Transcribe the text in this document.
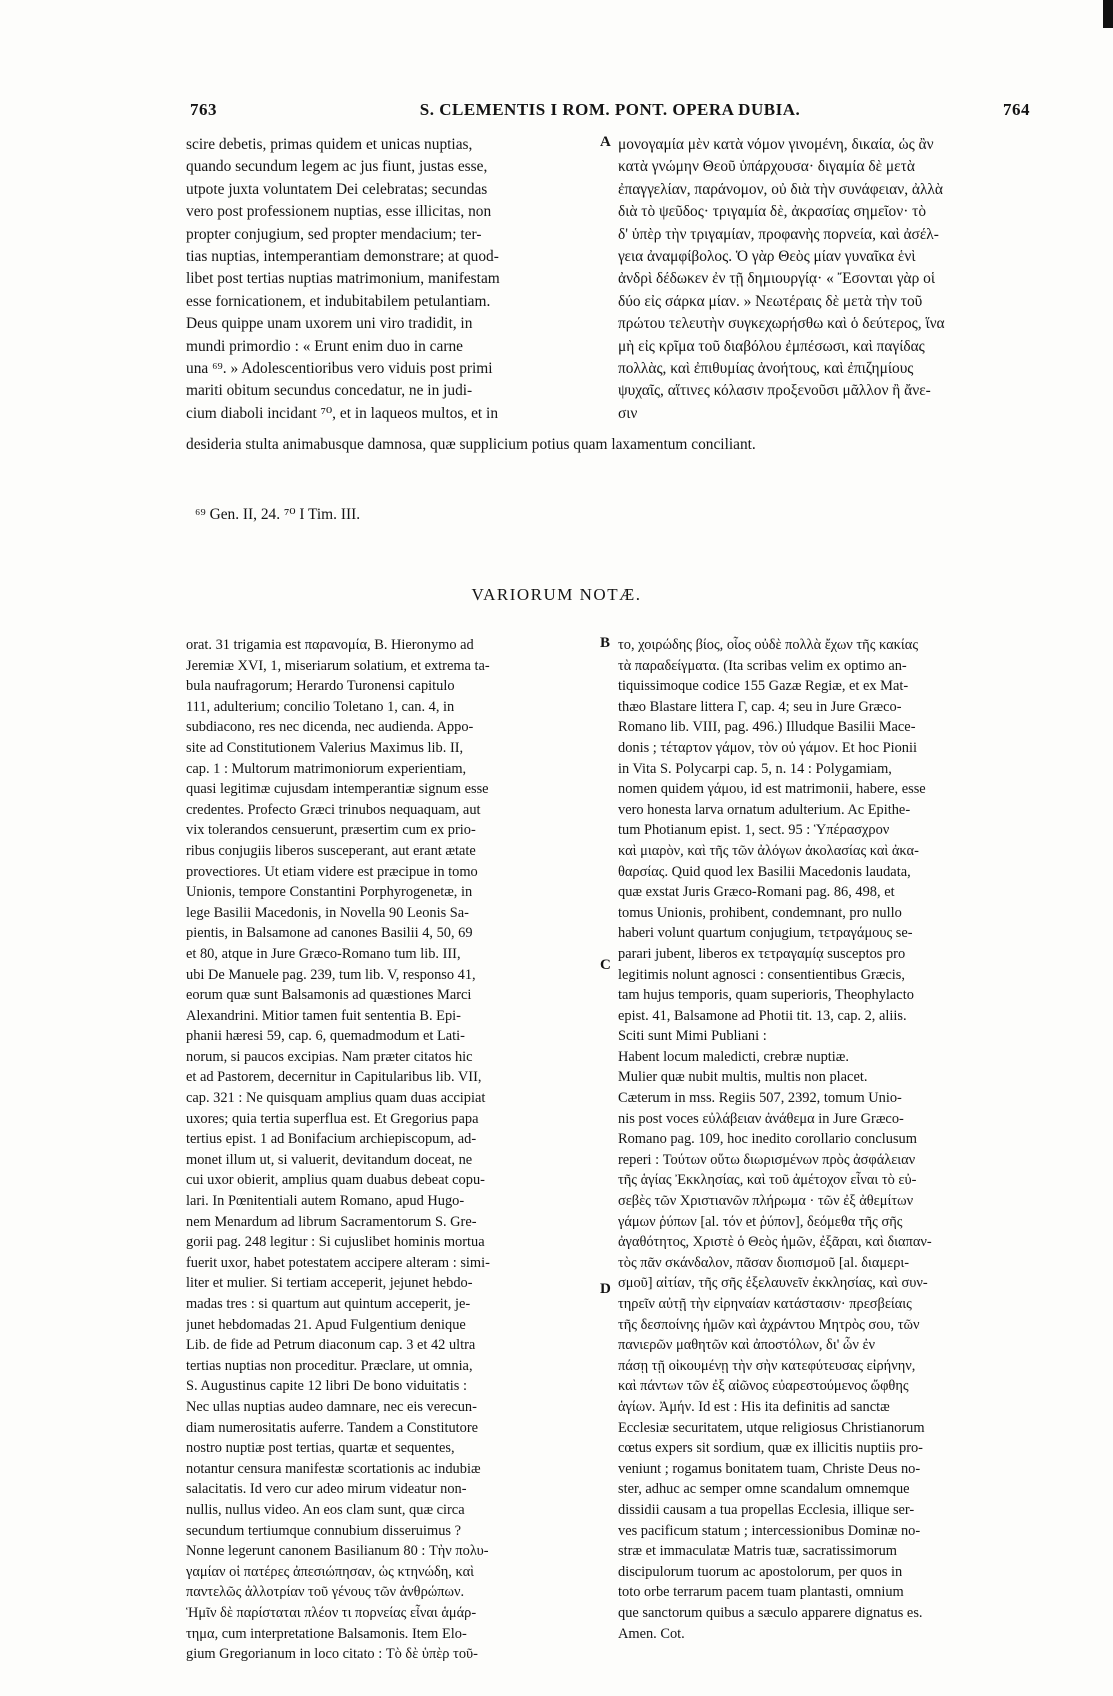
763	S. CLEMENTIS I ROM. PONT. OPERA DUBIA.	764
scire debetis, primas quidem et unicas nuptias,
quando secundum legem ac jus fiunt, justas esse,
utpote juxta voluntatem Dei celebratas; secundas
vero post professionem nuptias, esse illicitas, non
propter conjugium, sed propter mendacium; ter-
tias nuptias, intemperantiam demonstrare; at quod-
libet post tertias nuptias matrimonium, manifestam
esse fornicationem, et indubitabilem petulantiam.
Deus quippe unam uxorem uni viro tradidit, in
mundi primordio : « Erunt enim duo in carne
una ⁶⁹. » Adolescentioribus vero viduis post primi
mariti obitum secundus concedatur, ne in judi-
cium diaboli incidant ⁷⁰, et in laqueos multos, et in
A μονογαμία μὲν κατὰ νόμον γινομένη, δικαία, ὡς ἂν
κατὰ γνώμην Θεοῦ ὑπάρχουσα· διγαμία δὲ μετὰ
ἐπαγγελίαν, παράνομον, οὐ διὰ τὴν συνάφειαν, ἀλλὰ
διὰ τὸ ψεῦδος· τριγαμία δὲ, ἀκρασίας σημεῖον· τὸ
δ' ὑπὲρ τὴν τριγαμίαν, προφανὴς πορνεία, καὶ ἀσέλ-
γεια ἀναμφίβολος. Ὁ γὰρ Θεὸς μίαν γυναῖκα ἑνὶ
ἀνδρὶ δέδωκεν ἐν τῇ δημιουργίᾳ· « Ἔσονται γὰρ οἱ
δύο εἰς σάρκα μίαν. » Νεωτέραις δὲ μετὰ τὴν τοῦ
πρώτου τελευτὴν συγκεχωρήσθω καὶ ὁ δεύτερος, ἵνα
μὴ εἰς κρῖμα τοῦ διαβόλου ἐμπέσωσι, καὶ παγίδας
πολλὰς, καὶ ἐπιθυμίας ἀνοήτους, καὶ ἐπιζημίους
ψυχαῖς, αἵτινες κόλασιν προξενοῦσι μᾶλλον ἢ ἄνε-
σιν
desideria stulta animabusque damnosa, quæ supplicium potius quam laxamentum conciliant.
⁶⁹ Gen. II, 24. ⁷⁰ I Tim. III.
VARIORUM NOTÆ.
orat. 31 trigamia est παρανομία, B. Hieronymo ad
Jeremiæ XVI, 1, miseriarum solatium, et extrema ta-
bula naufragorum; Herardo Turonensi capitulo
111, adulterium; concilio Toletano 1, can. 4, in
subdiacono, res nec dicenda, nec audienda. Appo-
site ad Constitutionem Valerius Maximus lib. II,
cap. 1 : Multorum matrimoniorum experientiam,
quasi legitimæ cujusdam intemperantiæ signum esse
credentes. Profecto Græci trinubos nequaquam, aut
vix tolerandos censuerunt, præsertim cum ex prio-
ribus conjugiis liberos susceperant, aut erant ætate
provectiores. Ut etiam videre est præcipue in tomo
Unionis, tempore Constantini Porphyrogenetæ, in
lege Basilii Macedonis, in Novella 90 Leonis Sa-
pientis, in Balsamone ad canones Basilii 4, 50, 69
et 80, atque in Jure Græco-Romano tum lib. III,
ubi De Manuele pag. 239, tum lib. V, responso 41,
eorum quæ sunt Balsamonis ad quæstiones Marci
Alexandrini. Mitior tamen fuit sententia B. Epi-
phanii hæresi 59, cap. 6, quemadmodum et Lati-
norum, si paucos excipias. Nam præter citatos hic
et ad Pastorem, decernitur in Capitularibus lib. VII,
cap. 321 : Ne quisquam amplius quam duas accipiat
uxores; quia tertia superflua est. Et Gregorius papa
tertius epist. 1 ad Bonifacium archiepiscopum, ad-
monet illum ut, si valuerit, devitandum doceat, ne
cui uxor obierit, amplius quam duabus debeat copu-
lari. In Pœnitentiali autem Romano, apud Hugo-
nem Menardum ad librum Sacramentorum S. Gre-
gorii pag. 248 legitur : Si cujuslibet hominis mortua
fuerit uxor, habet potestatem accipere alteram : simi-
liter et mulier. Si tertiam acceperit, jejunet hebdo-
madas tres : si quartum aut quintum acceperit, je-
junet hebdomadas 21. Apud Fulgentium denique
Lib. de fide ad Petrum diaconum cap. 3 et 42 ultra
tertias nuptias non proceditur. Præclare, ut omnia,
S. Augustinus capite 12 libri De bono viduitatis :
Nec ullas nuptias audeo damnare, nec eis verecun-
diam numerositatis auferre. Tandem a Constitutore
nostro nuptiæ post tertias, quartæ et sequentes,
notantur censura manifestæ scortationis ac indubiæ
salacitatis. Id vero cur adeo mirum videatur non-
nullis, nullus video. An eos clam sunt, quæ circa
secundum tertiumque connubium disseruimus ?
Nonne legerunt canonem Basilianum 80 : Τὴν πολυ-
γαμίαν οἱ πατέρες ἀπεσιώπησαν, ὡς κτηνώδη, καὶ
παντελῶς ἀλλοτρίαν τοῦ γένους τῶν ἀνθρώπων.
Ἡμῖν δὲ παρίσταται πλέον τι πορνείας εἶναι ἁμάρ-
τημα, cum interpretatione Balsamonis. Item Elo-
gium Gregorianum in loco citato : Τὸ δὲ ὑπὲρ τοῦ-
B
C
D
το, χοιρώδης βίος, οἷος οὐδὲ πολλὰ ἔχων τῆς κακίας
τὰ παραδείγματα. (Ita scribas velim ex optimo an-
tiquissimoque codice 155 Gazæ Regiæ, et ex Mat-
thæo Blastare littera Γ, cap. 4; seu in Jure Græco-
Romano lib. VIII, pag. 496.) Illudque Basilii Mace-
donis ; τέταρτον γάμον, τὸν οὐ γάμον. Et hoc Pionii
in Vita S. Polycarpi cap. 5, n. 14 : Polygamiam,
nomen quidem γάμου, id est matrimonii, habere, esse
vero honesta larva ornatum adulterium. Ac Epithe-
tum Photianum epist. 1, sect. 95 : Ὑπέρασχρον
καὶ μιαρὸν, καὶ τῆς τῶν ἀλόγων ἀκολασίας καὶ ἀκα-
θαρσίας. Quid quod lex Basilii Macedonis laudata,
quæ exstat Juris Græco-Romani pag. 86, 498, et
tomus Unionis, prohibent, condemnant, pro nullo
haberi volunt quartum conjugium, τετραγάμους se-
parari jubent, liberos ex τετραγαμίᾳ susceptos pro
legitimis nolunt agnosci : consentientibus Græcis,
tam hujus temporis, quam superioris, Theophylacto
epist. 41, Balsamone ad Photii tit. 13, cap. 2, aliis.
Sciti sunt Mimi Publiani :
Habent locum maledicti, crebræ nuptiæ.
Mulier quæ nubit multis, multis non placet.
Cæterum in mss. Regiis 507, 2392, tomum Unio-
nis post voces εὐλάβειαν ἀνάθεμα in Jure Græco-
Romano pag. 109, hoc inedito corollario conclusum
reperi : Τούτων οὕτω διωρισμένων πρὸς ἀσφάλειαν
τῆς ἁγίας Ἐκκλησίας, καὶ τοῦ ἀμέτοχον εἶναι τὸ εὐ-
σεβὲς τῶν Χριστιανῶν πλήρωμα · τῶν ἐξ ἀθεμίτων
γάμων ῥύπων [al. τόν et ῥύπον], δεόμεθα τῆς σῆς
ἀγαθότητος, Χριστὲ ὁ Θεὸς ἡμῶν, ἐξᾶραι, καὶ διαπαν-
τὸς πᾶν σκάνδαλον, πᾶσαν διοπισμοῦ [al. διαμερι-
σμοῦ] αἰτίαν, τῆς σῆς ἐξελαυνεῖν ἐκκλησίας, καὶ συν-
τηρεῖν αὐτῇ τὴν εἰρηναίαν κατάστασιν· πρεσβείαις
τῆς δεσποίνης ἡμῶν καὶ ἀχράντου Μητρὸς σου, τῶν
πανιερῶν μαθητῶν καὶ ἀποστόλων, δι' ὧν ἐν
πάσῃ τῇ οἰκουμένῃ τὴν σὴν κατεφύτευσας εἰρήνην,
καὶ πάντων τῶν ἐξ αἰῶνος εὐαρεστούμενος ὤφθης
ἁγίων. Ἀμήν. Id est : His ita definitis ad sanctæ
Ecclesiæ securitatem, utque religiosus Christianorum
cœtus expers sit sordium, quæ ex illicitis nuptiis pro-
veniunt ; rogamus bonitatem tuam, Christe Deus no-
ster, adhuc ac semper omne scandalum omnemque
dissidii causam a tua propellas Ecclesia, illique ser-
ves pacificum statum ; intercessionibus Dominæ no-
stræ et immaculatæ Matris tuæ, sacratissimorum
discipulorum tuorum ac apostolorum, per quos in
toto orbe terrarum pacem tuam plantasti, omnium
que sanctorum quibus a sæculo apparere dignatus es.
Amen. Cot.
